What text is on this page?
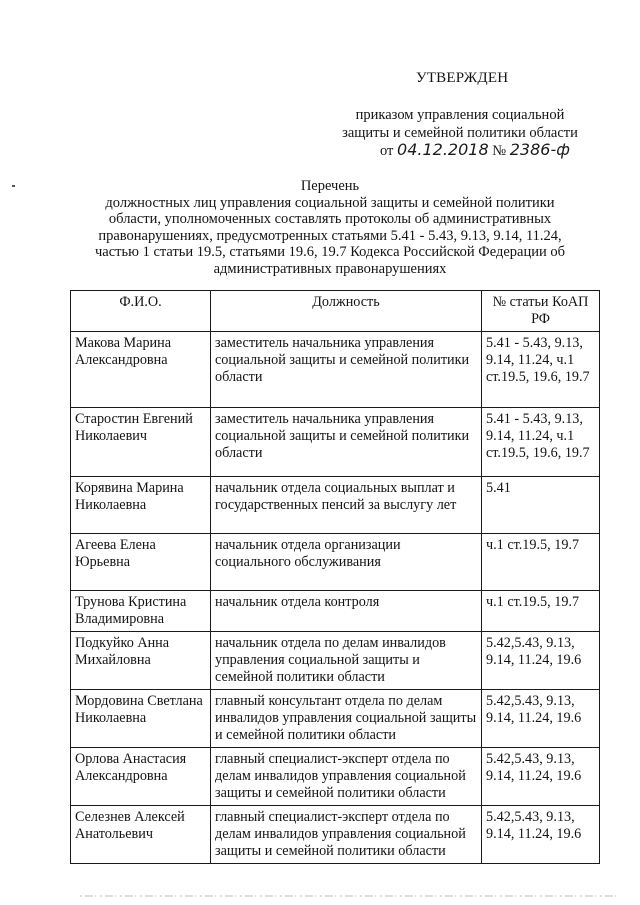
УТВЕРЖДЕН
приказом управления социальной
защиты и семейной политики области
от 04.12.2018 № 2386-ф
Перечень
должностных лиц управления социальной защиты и семейной политики области, уполномоченных составлять протоколы об административных правонарушениях, предусмотренных статьями 5.41 - 5.43, 9.13, 9.14, 11.24, частью 1 статьи 19.5, статьями 19.6, 19.7 Кодекса Российской Федерации об административных правонарушениях
Ф.И.О.	Должность	№ статьи КоАП РФ
Макова Марина Александровна	заместитель начальника управления социальной защиты и семейной политики области	5.41 - 5.43, 9.13, 9.14, 11.24, ч.1 ст.19.5, 19.6, 19.7
Старостин Евгений Николаевич	заместитель начальника управления социальной защиты и семейной политики области	5.41 - 5.43, 9.13, 9.14, 11.24, ч.1 ст.19.5, 19.6, 19.7
Корявина Марина Николаевна	начальник отдела социальных выплат и государственных пенсий за выслугу лет	5.41
Агеева Елена Юрьевна	начальник отдела организации социального обслуживания	ч.1 ст.19.5, 19.7
Трунова Кристина Владимировна	начальник отдела контроля	ч.1 ст.19.5, 19.7
Подкуйко Анна Михайловна	начальник отдела по делам инвалидов управления социальной защиты и семейной политики области	5.42,5.43, 9.13, 9.14, 11.24, 19.6
Мордовина Светлана Николаевна	главный консультант отдела по делам инвалидов управления социальной защиты и семейной политики области	5.42,5.43, 9.13, 9.14, 11.24, 19.6
Орлова Анастасия Александровна	главный специалист-эксперт отдела по делам инвалидов управления социальной защиты и семейной политики области	5.42,5.43, 9.13, 9.14, 11.24, 19.6
Селезнев Алексей Анатольевич	главный специалист-эксперт отдела по делам инвалидов управления социальной защиты и семейной политики области	5.42,5.43, 9.13, 9.14, 11.24, 19.6
